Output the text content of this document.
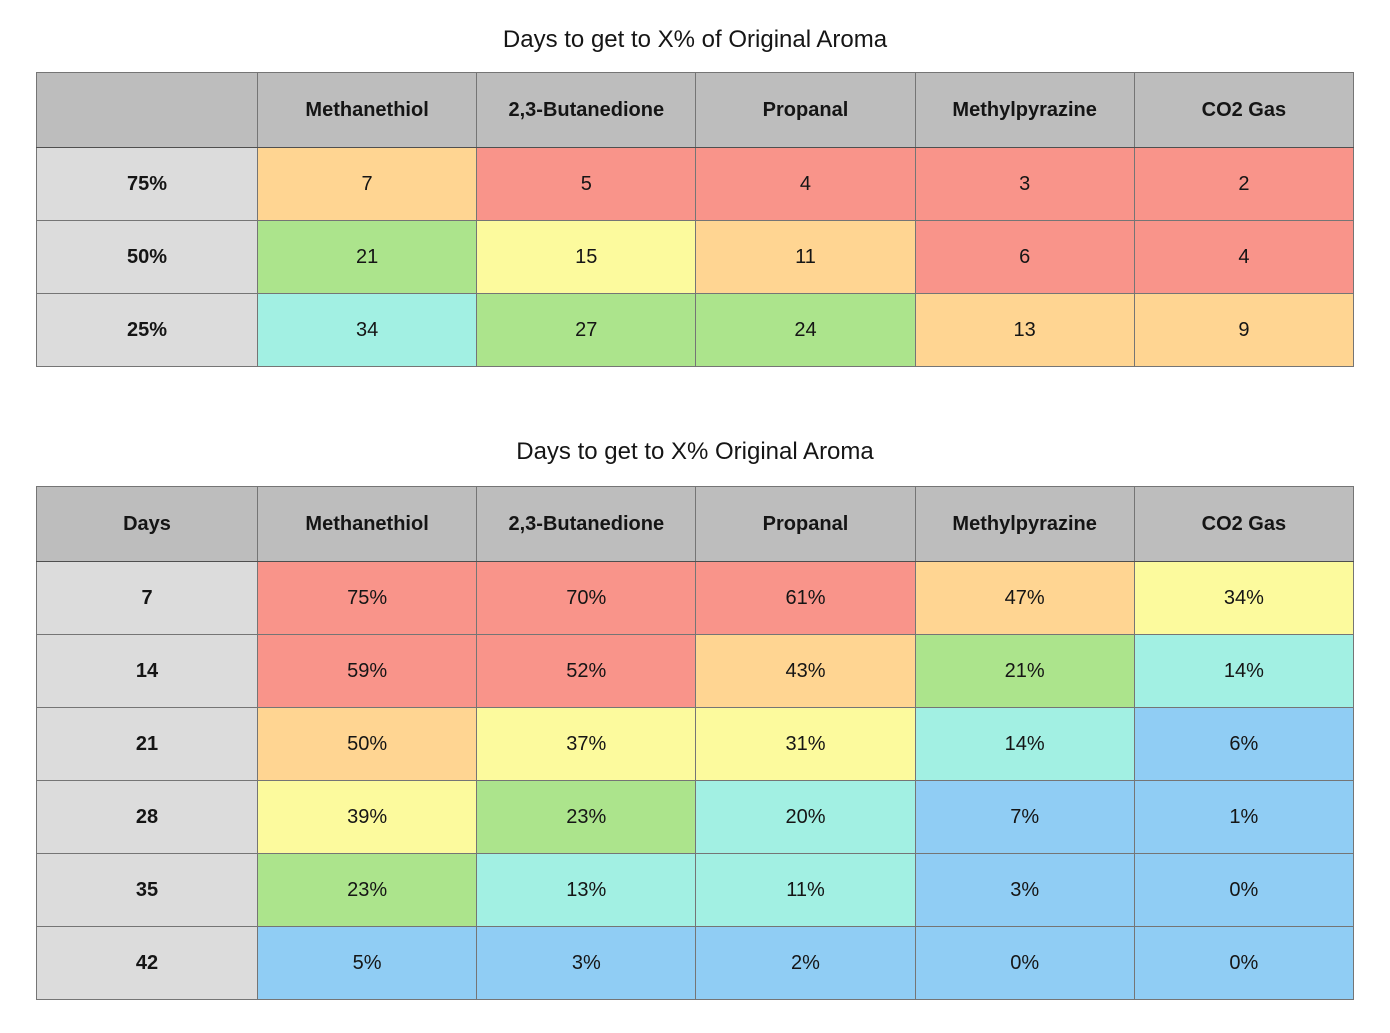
Days to get to X% of Original Aroma
	Methanethiol	2,3-Butanedione	Propanal	Methylpyrazine	CO2 Gas
75%	7	5	4	3	2
50%	21	15	11	6	4
25%	34	27	24	13	9
Days to get to X% Original Aroma
Days	Methanethiol	2,3-Butanedione	Propanal	Methylpyrazine	CO2 Gas
7	75%	70%	61%	47%	34%
14	59%	52%	43%	21%	14%
21	50%	37%	31%	14%	6%
28	39%	23%	20%	7%	1%
35	23%	13%	11%	3%	0%
42	5%	3%	2%	0%	0%
